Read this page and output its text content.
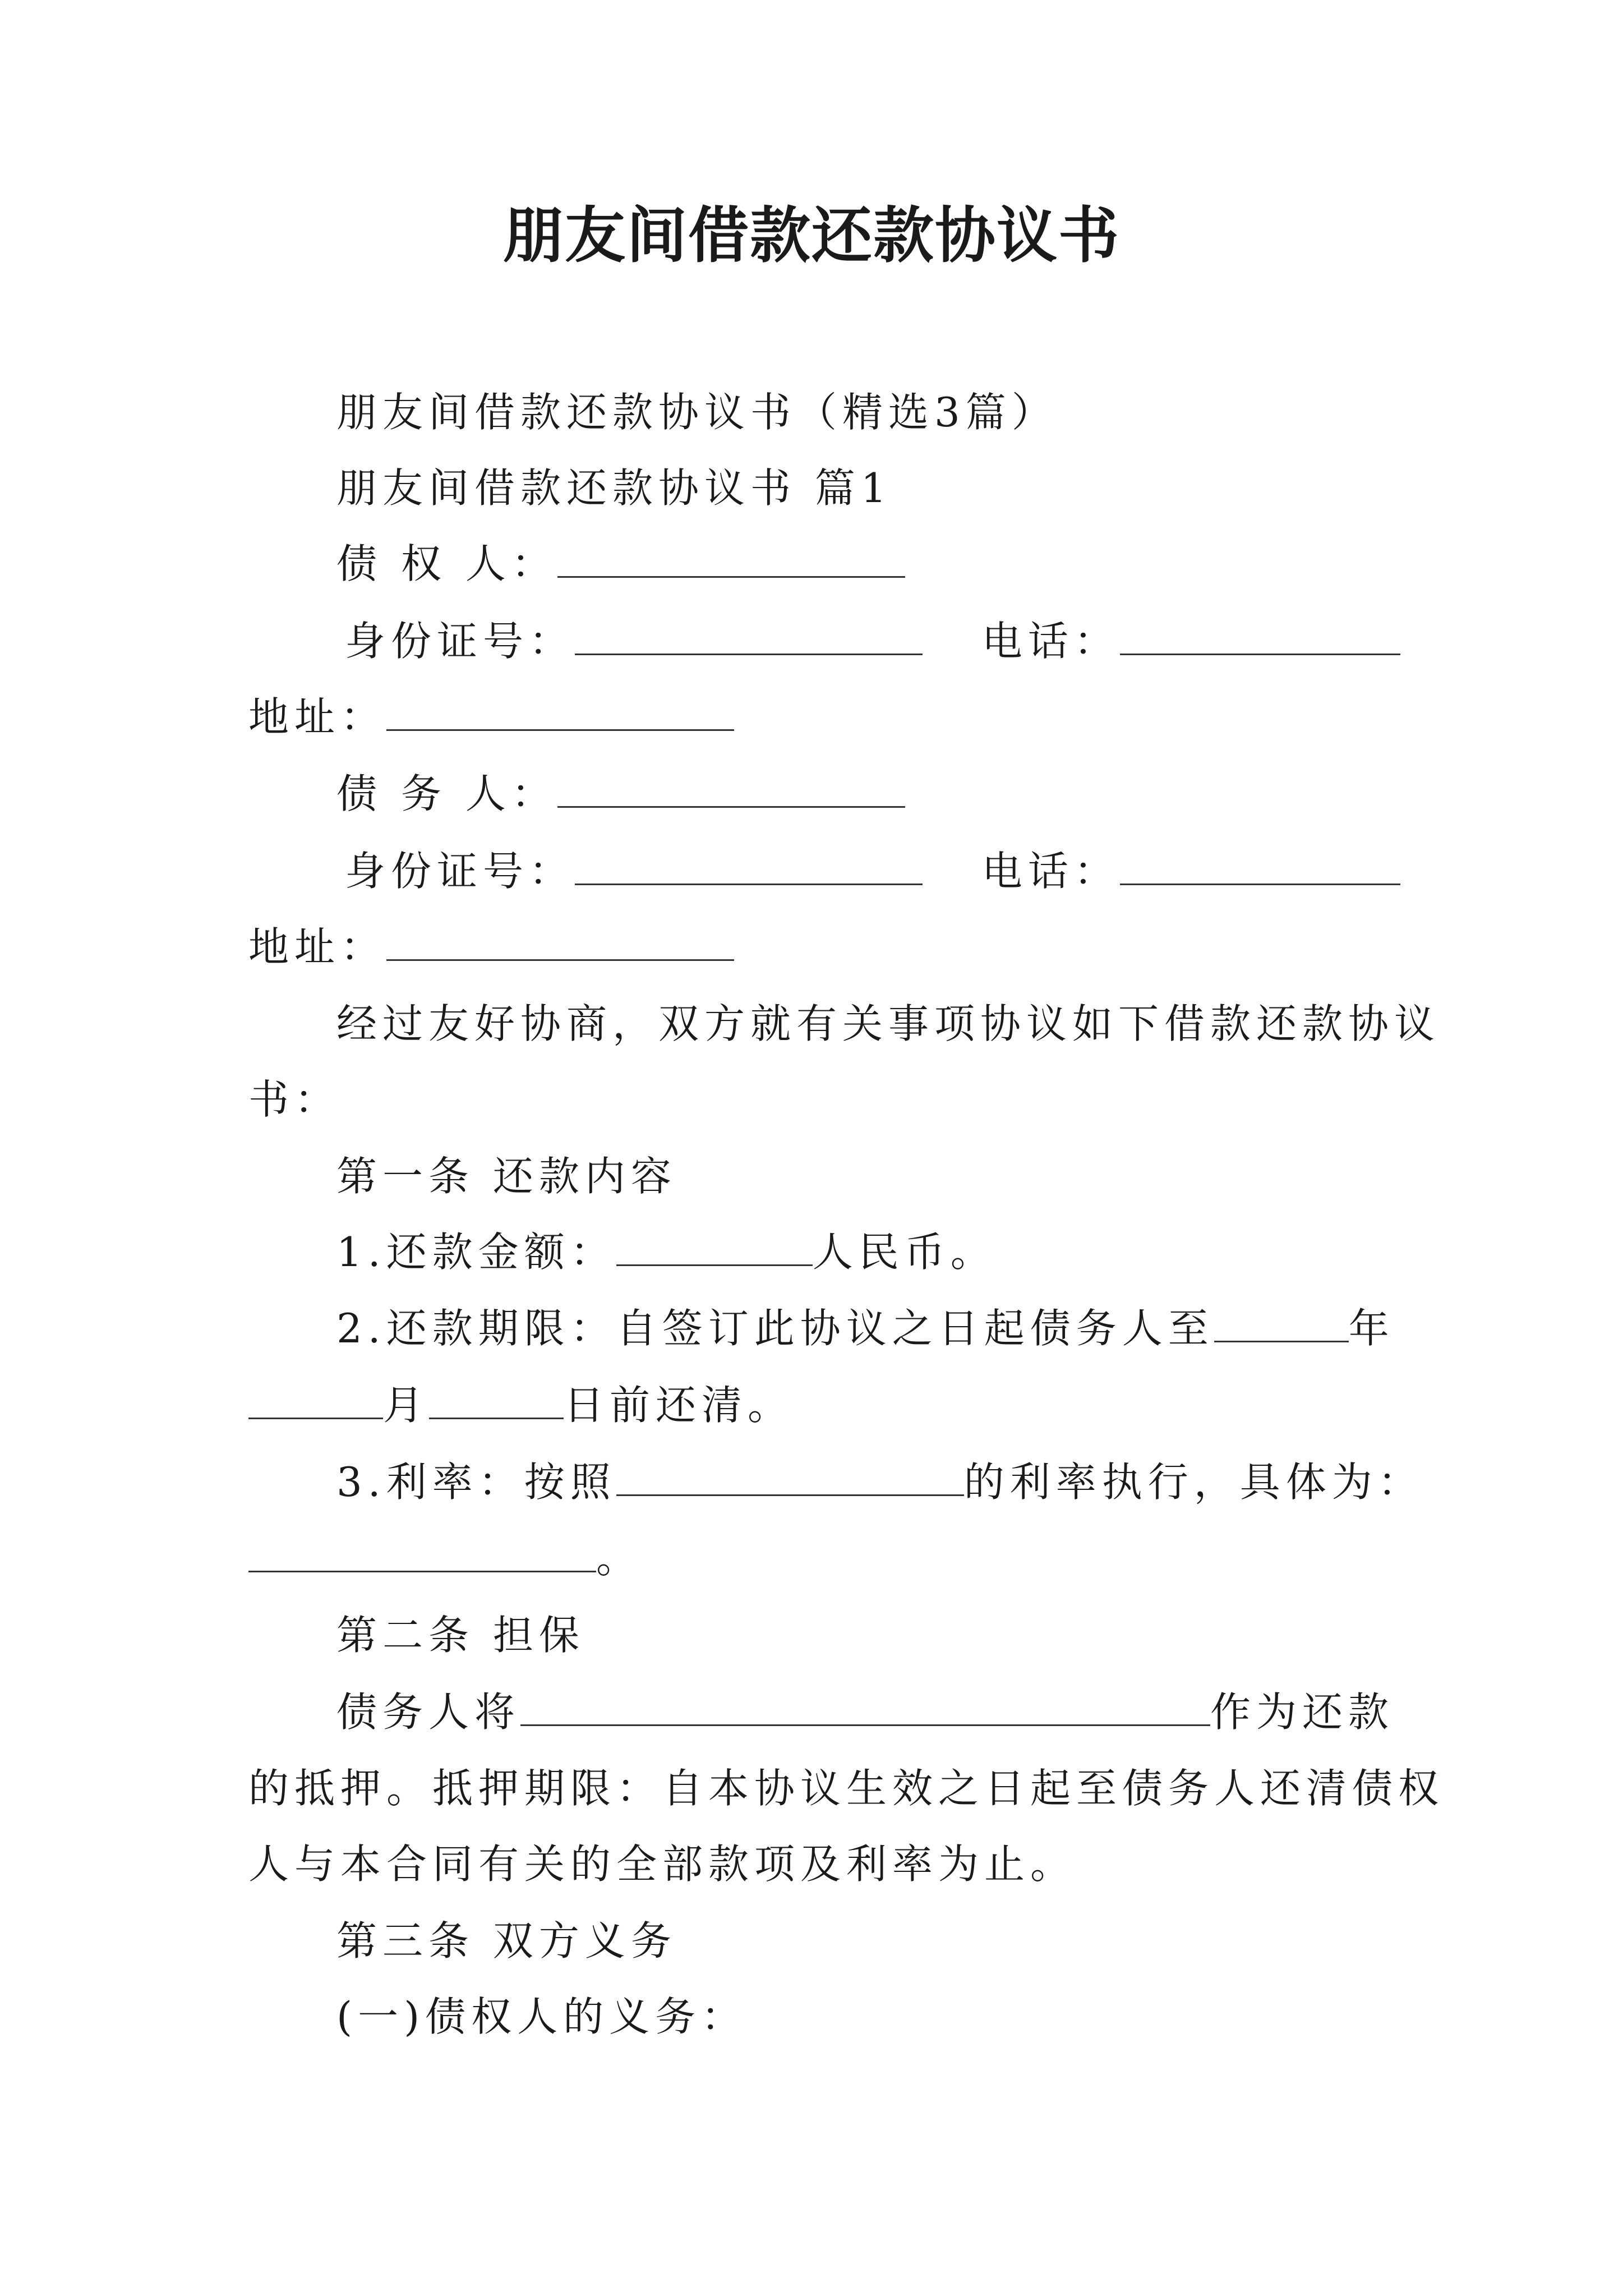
朋友间借款还款协议书
朋友间借款还款协议书（精选3篇）
朋友间借款还款协议书 篇1
债 权 人：
身份证号：	电话：
地址：
债 务 人：
身份证号：	电话：
地址：
经过友好协商，双方就有关事项协议如下借款还款协议
书：
第一条 还款内容
1.还款金额：	人民币。
2.还款期限：自签订此协议之日起债务人至	年
月	日前还清。
3.利率：按照	的利率执行，具体为：
。
第二条 担保
债务人将	作为还款
的抵押。抵押期限：自本协议生效之日起至债务人还清债权
人与本合同有关的全部款项及利率为止。
第三条 双方义务
(一)债权人的义务：
